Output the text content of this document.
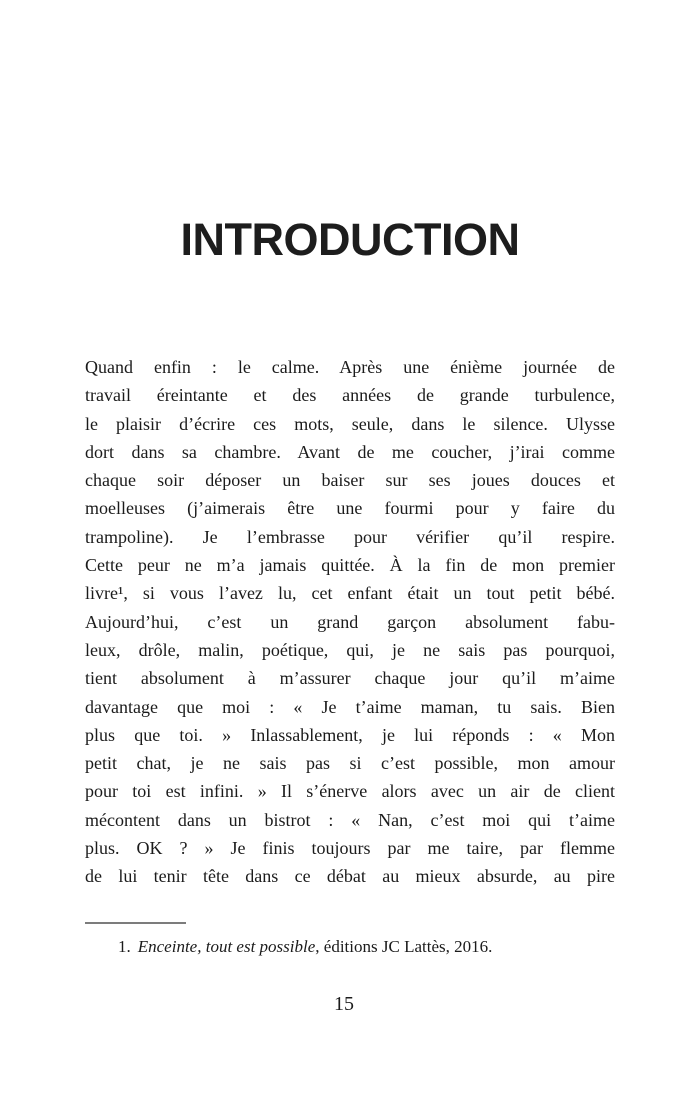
INTRODUCTION
Quand enfin : le calme. Après une énième journée de
travail éreintante et des années de grande turbulence,
le plaisir d’écrire ces mots, seule, dans le silence. Ulysse
dort dans sa chambre. Avant de me coucher, j’irai comme
chaque soir déposer un baiser sur ses joues douces et
moelleuses (j’aimerais être une fourmi pour y faire du
trampoline). Je l’embrasse pour vérifier qu’il respire.
Cette peur ne m’a jamais quittée. À la fin de mon premier
livre¹, si vous l’avez lu, cet enfant était un tout petit bébé.
Aujourd’hui, c’est un grand garçon absolument fabu-
leux, drôle, malin, poétique, qui, je ne sais pas pourquoi,
tient absolument à m’assurer chaque jour qu’il m’aime
davantage que moi : « Je t’aime maman, tu sais. Bien
plus que toi. » Inlassablement, je lui réponds : « Mon
petit chat, je ne sais pas si c’est possible, mon amour
pour toi est infini. » Il s’énerve alors avec un air de client
mécontent dans un bistrot : « Nan, c’est moi qui t’aime
plus. OK ? » Je finis toujours par me taire, par flemme
de lui tenir tête dans ce débat au mieux absurde, au pire
1. Enceinte, tout est possible, éditions JC Lattès, 2016.
15
